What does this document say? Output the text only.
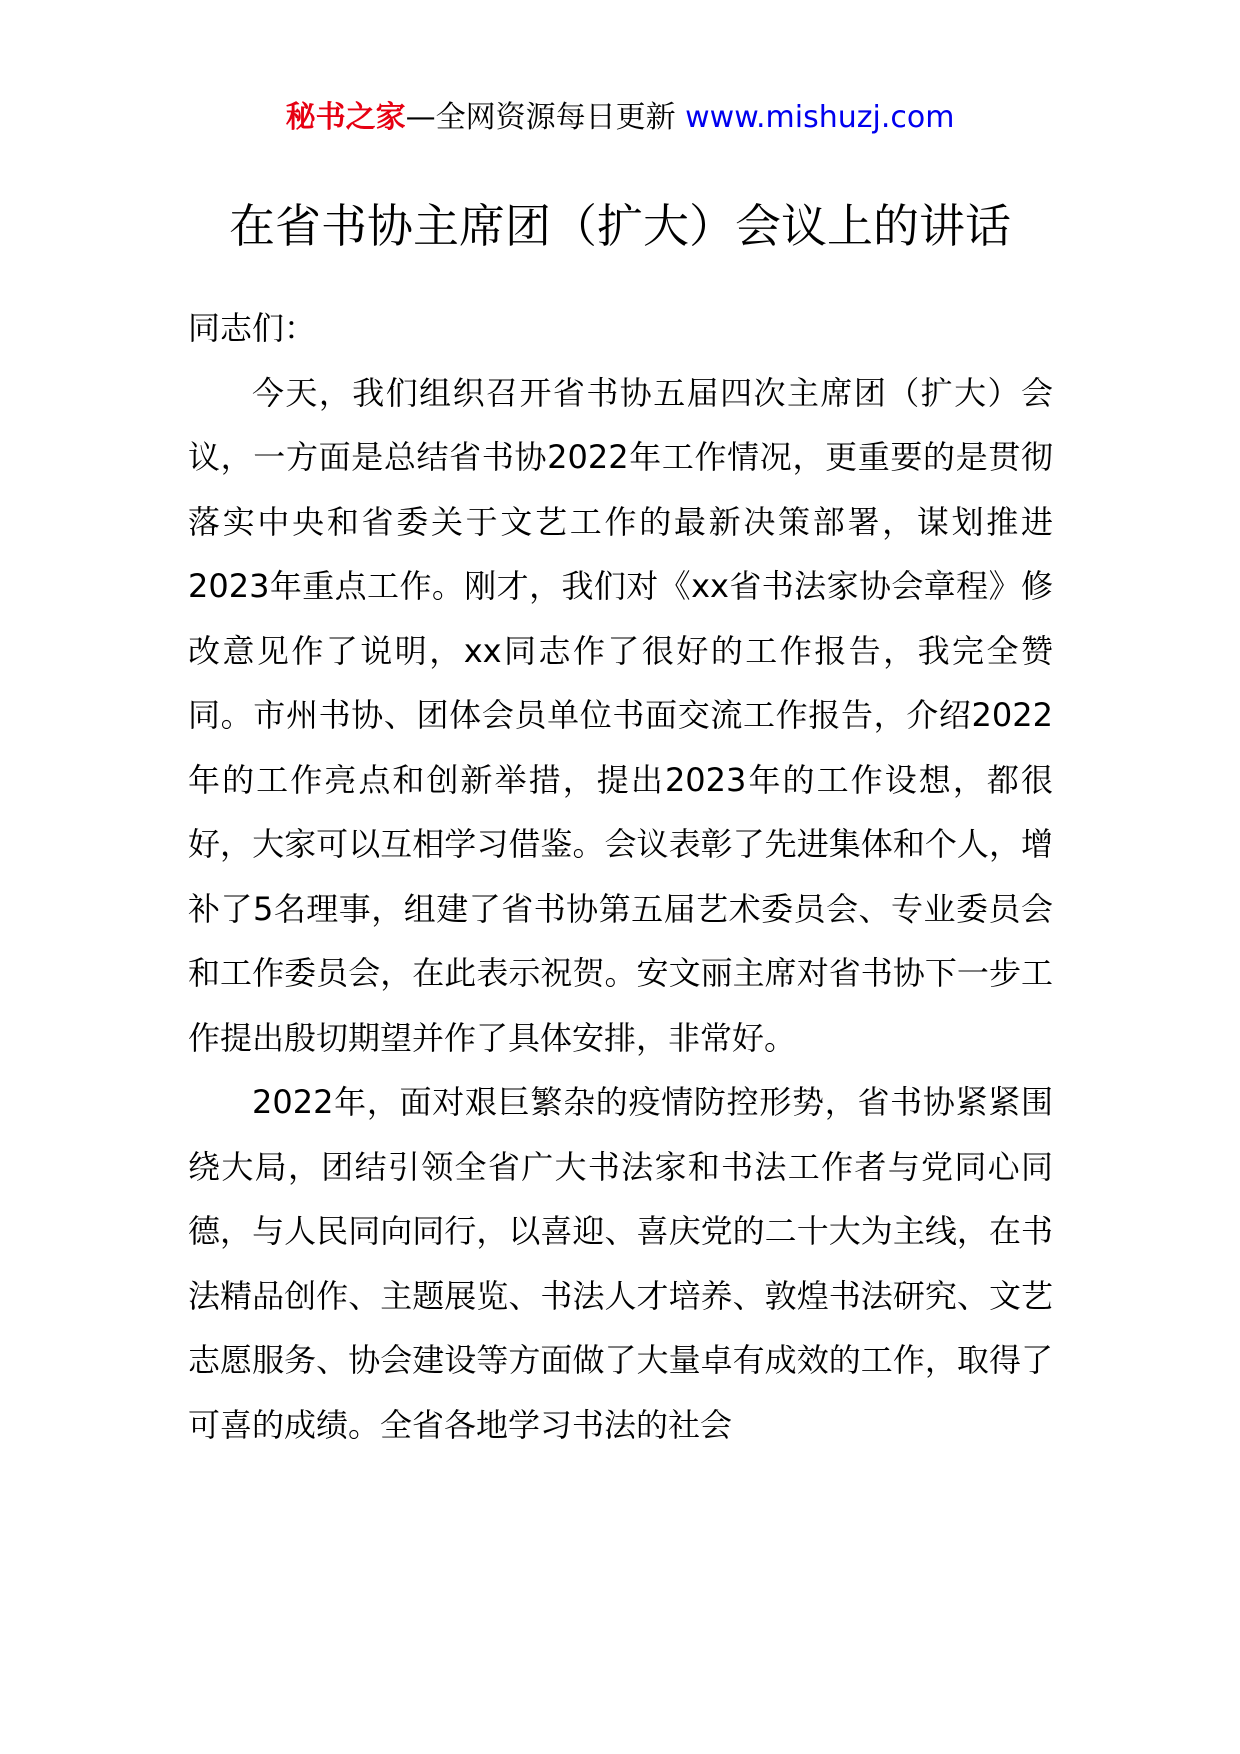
秘书之家—全网资源每日更新 www.mishuzj.com
在省书协主席团（扩大）会议上的讲话

同志们：

今天，我们组织召开省书协五届四次主席团（扩大）会议，一方面是总结省书协2022年工作情况，更重要的是贯彻落实中央和省委关于文艺工作的最新决策部署，谋划推进2023年重点工作。刚才，我们对《xx省书法家协会章程》修改意见作了说明，xx同志作了很好的工作报告，我完全赞同。市州书协、团体会员单位书面交流工作报告，介绍2022年的工作亮点和创新举措，提出2023年的工作设想，都很好，大家可以互相学习借鉴。会议表彰了先进集体和个人，增补了5名理事，组建了省书协第五届艺术委员会、专业委员会和工作委员会，在此表示祝贺。安文丽主席对省书协下一步工作提出殷切期望并作了具体安排，非常好。

2022年，面对艰巨繁杂的疫情防控形势，省书协紧紧围绕大局，团结引领全省广大书法家和书法工作者与党同心同德，与人民同向同行，以喜迎、喜庆党的二十大为主线，在书法精品创作、主题展览、书法人才培养、敦煌书法研究、文艺志愿服务、协会建设等方面做了大量卓有成效的工作，取得了可喜的成绩。全省各地学习书法的社会
